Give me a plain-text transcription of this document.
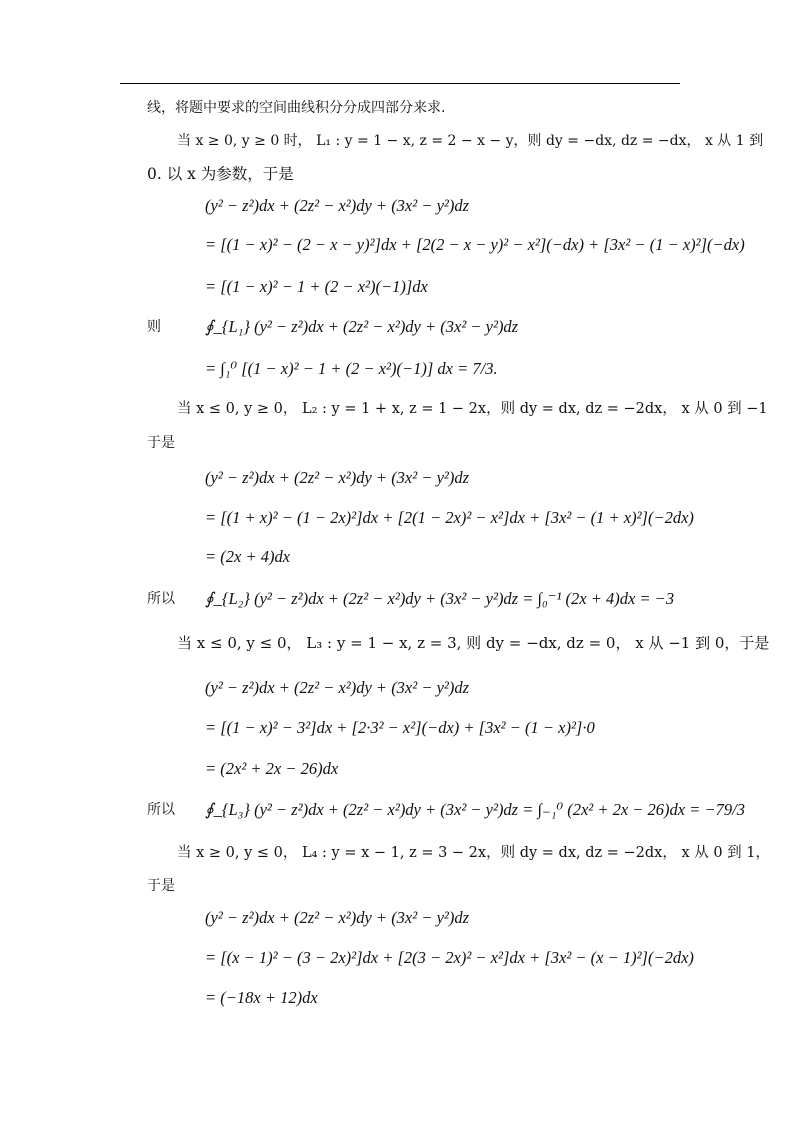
线，将题中要求的空间曲线积分分成四部分来求.
当 x ≥ 0, y ≥ 0 时， L₁ : y = 1 − x, z = 2 − x − y，则 dy = −dx, dz = −dx， x 从 1 到
0. 以 x 为参数，于是
(y² − z²)dx + (2z² − x²)dy + (3x² − y²)dz
= [(1 − x)² − (2 − x − y)²]dx + [2(2 − x − y)² − x²](−dx) + [3x² − (1 − x)²](−dx)
= [(1 − x)² − 1 + (2 − x²)(−1)]dx
则	∮_{L₁} (y² − z²)dx + (2z² − x²)dy + (3x² − y²)dz
= ∫₁⁰ [(1 − x)² − 1 + (2 − x²)(−1)] dx = 7/3.
当 x ≤ 0, y ≥ 0， L₂ : y = 1 + x, z = 1 − 2x，则 dy = dx, dz = −2dx， x 从 0 到 −1
于是
(y² − z²)dx + (2z² − x²)dy + (3x² − y²)dz
= [(1 + x)² − (1 − 2x)²]dx + [2(1 − 2x)² − x²]dx + [3x² − (1 + x)²](−2dx)
= (2x + 4)dx
所以 ∮_{L₂} (y² − z²)dx + (2z² − x²)dy + (3x² − y²)dz = ∫₀⁻¹ (2x + 4)dx = −3
当 x ≤ 0, y ≤ 0， L₃ : y = 1 − x, z = 3, 则 dy = −dx, dz = 0， x 从 −1 到 0，于是
(y² − z²)dx + (2z² − x²)dy + (3x² − y²)dz
= [(1 − x)² − 3²]dx + [2·3² − x²](−dx) + [3x² − (1 − x)²]·0
= (2x² + 2x − 26)dx
所以 ∮_{L₃} (y² − z²)dx + (2z² − x²)dy + (3x² − y²)dz = ∫₋₁⁰ (2x² + 2x − 26)dx = −79/3
当 x ≥ 0, y ≤ 0， L₄ : y = x − 1, z = 3 − 2x，则 dy = dx, dz = −2dx， x 从 0 到 1，
于是
(y² − z²)dx + (2z² − x²)dy + (3x² − y²)dz
= [(x − 1)² − (3 − 2x)²]dx + [2(3 − 2x)² − x²]dx + [3x² − (x − 1)²](−2dx)
= (−18x + 12)dx
